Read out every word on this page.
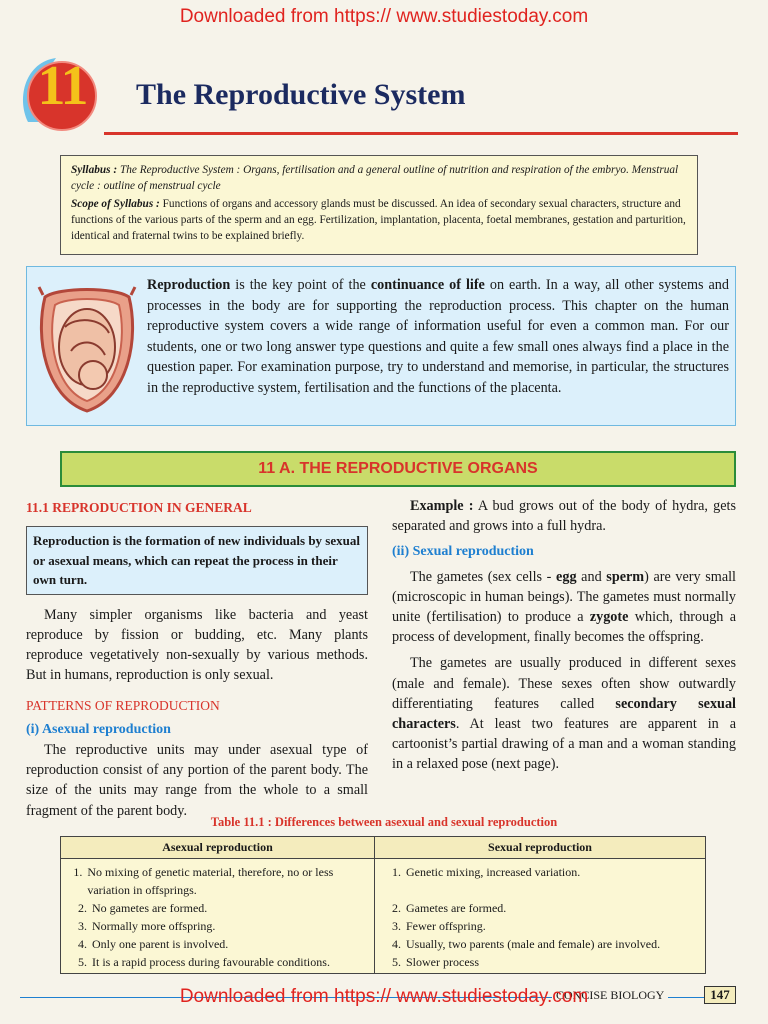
Downloaded from https:// www.studiestoday.com
11	The Reproductive System
Syllabus : The Reproductive System : Organs, fertilisation and a general outline of nutrition and respiration of the embryo. Menstrual cycle : outline of menstrual cycle
Scope of Syllabus : Functions of organs and accessory glands must be discussed. An idea of secondary sexual characters, structure and functions of the various parts of the sperm and an egg. Fertilization, implantation, placenta, foetal membranes, gestation and parturition, identical and fraternal twins to be explained briefly.
Reproduction is the key point of the continuance of life on earth. In a way, all other systems and processes in the body are for supporting the reproduction process. This chapter on the human reproductive system covers a wide range of information useful for even a common man. For our students, one or two long answer type questions and quite a few small ones always find a place in the question paper. For examination purpose, try to understand and memorise, in particular, the structures in the reproductive system, fertilisation and the functions of the placenta.
11 A. THE REPRODUCTIVE ORGANS
11.1 REPRODUCTION IN GENERAL
Reproduction is the formation of new individuals by sexual or asexual means, which can repeat the process in their own turn.

Many simpler organisms like bacteria and yeast reproduce by fission or budding, etc. Many plants reproduce vegetatively non-sexually by various methods. But in humans, reproduction is only sexual.

PATTERNS OF REPRODUCTION
(i) Asexual reproduction

The reproductive units may under asexual type of reproduction consist of any portion of the parent body. The size of the units may range from the whole to a small fragment of the parent body.

Example : A bud grows out of the body of hydra, gets separated and grows into a full hydra.

(ii) Sexual reproduction

The gametes (sex cells - egg and sperm) are very small (microscopic in human beings). The gametes must normally unite (fertilisation) to produce a zygote which, through a process of development, finally becomes the offspring.

The gametes are usually produced in different sexes (male and female). These sexes often show outwardly differentiating features called secondary sexual characters. At least two features are apparent in a cartoonist’s partial drawing of a man and a woman standing in a relaxed pose (next page).

Table 11.1 : Differences between asexual and sexual reproduction
Asexual reproduction	Sexual reproduction

1. No mixing of genetic material, therefore, no or less variation in offsprings.	1. Genetic mixing, increased variation.

2. No gametes are formed.	2. Gametes are formed.
3. Normally more offspring.	3. Fewer offspring.
4. Only one parent is involved.	4. Usually, two parents (male and female) are involved.
5. It is a rapid process during favourable conditions.	5. Slower process
CONCISE BIOLOGY	147
Downloaded from https:// www.studiestoday.com
